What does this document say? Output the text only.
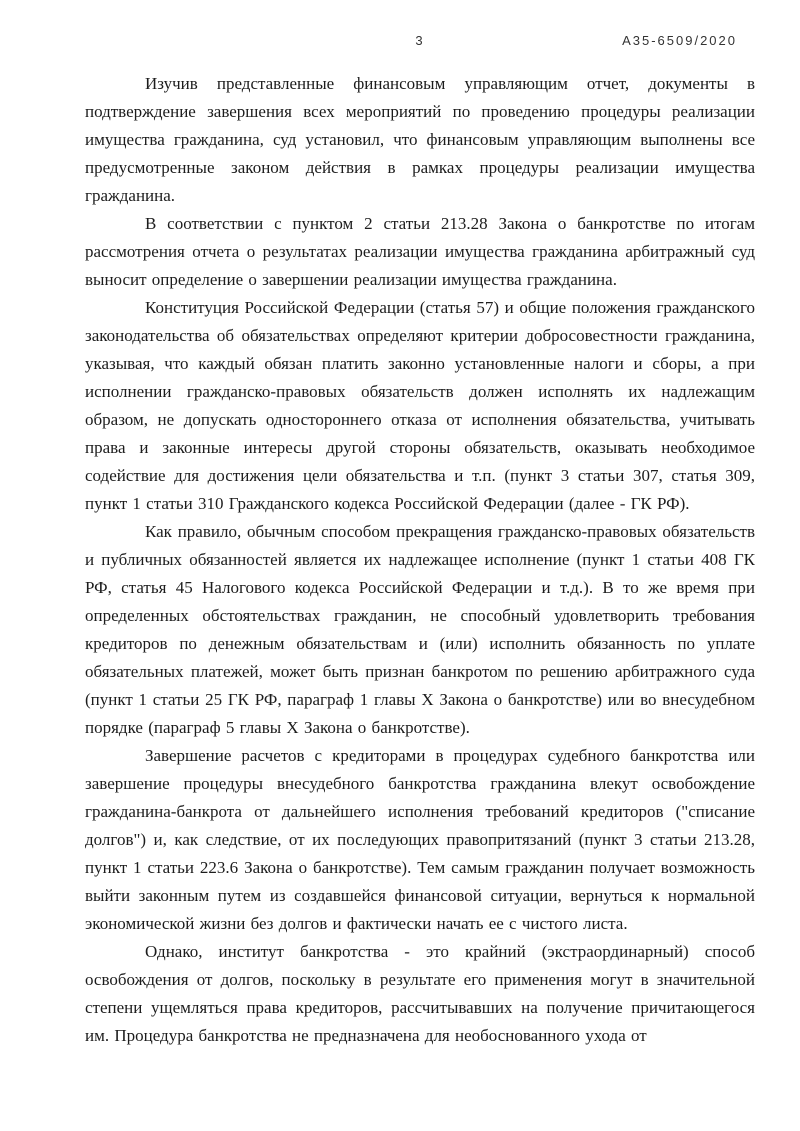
3	А35-6509/2020

Изучив представленные финансовым управляющим отчет, документы в подтверждение завершения всех мероприятий по проведению процедуры реализации имущества гражданина, суд установил, что финансовым управляющим выполнены все предусмотренные законом действия в рамках процедуры реализации имущества гражданина.

В соответствии с пунктом 2 статьи 213.28 Закона о банкротстве по итогам рассмотрения отчета о результатах реализации имущества гражданина арбитражный суд выносит определение о завершении реализации имущества гражданина.

Конституция Российской Федерации (статья 57) и общие положения гражданского законодательства об обязательствах определяют критерии добросовестности гражданина, указывая, что каждый обязан платить законно установленные налоги и сборы, а при исполнении гражданско-правовых обязательств должен исполнять их надлежащим образом, не допускать одностороннего отказа от исполнения обязательства, учитывать права и законные интересы другой стороны обязательств, оказывать необходимое содействие для достижения цели обязательства и т.п. (пункт 3 статьи 307, статья 309, пункт 1 статьи 310 Гражданского кодекса Российской Федерации (далее - ГК РФ).

Как правило, обычным способом прекращения гражданско-правовых обязательств и публичных обязанностей является их надлежащее исполнение (пункт 1 статьи 408 ГК РФ, статья 45 Налогового кодекса Российской Федерации и т.д.). В то же время при определенных обстоятельствах гражданин, не способный удовлетворить требования кредиторов по денежным обязательствам и (или) исполнить обязанность по уплате обязательных платежей, может быть признан банкротом по решению арбитражного суда (пункт 1 статьи 25 ГК РФ, параграф 1 главы X Закона о банкротстве) или во внесудебном порядке (параграф 5 главы X Закона о банкротстве).

Завершение расчетов с кредиторами в процедурах судебного банкротства или завершение процедуры внесудебного банкротства гражданина влекут освобождение гражданина-банкрота от дальнейшего исполнения требований кредиторов ("списание долгов") и, как следствие, от их последующих правопритязаний (пункт 3 статьи 213.28, пункт 1 статьи 223.6 Закона о банкротстве). Тем самым гражданин получает возможность выйти законным путем из создавшейся финансовой ситуации, вернуться к нормальной экономической жизни без долгов и фактически начать ее с чистого листа.

Однако, институт банкротства - это крайний (экстраординарный) способ освобождения от долгов, поскольку в результате его применения могут в значительной степени ущемляться права кредиторов, рассчитывавших на получение причитающегося им. Процедура банкротства не предназначена для необоснованного ухода от
